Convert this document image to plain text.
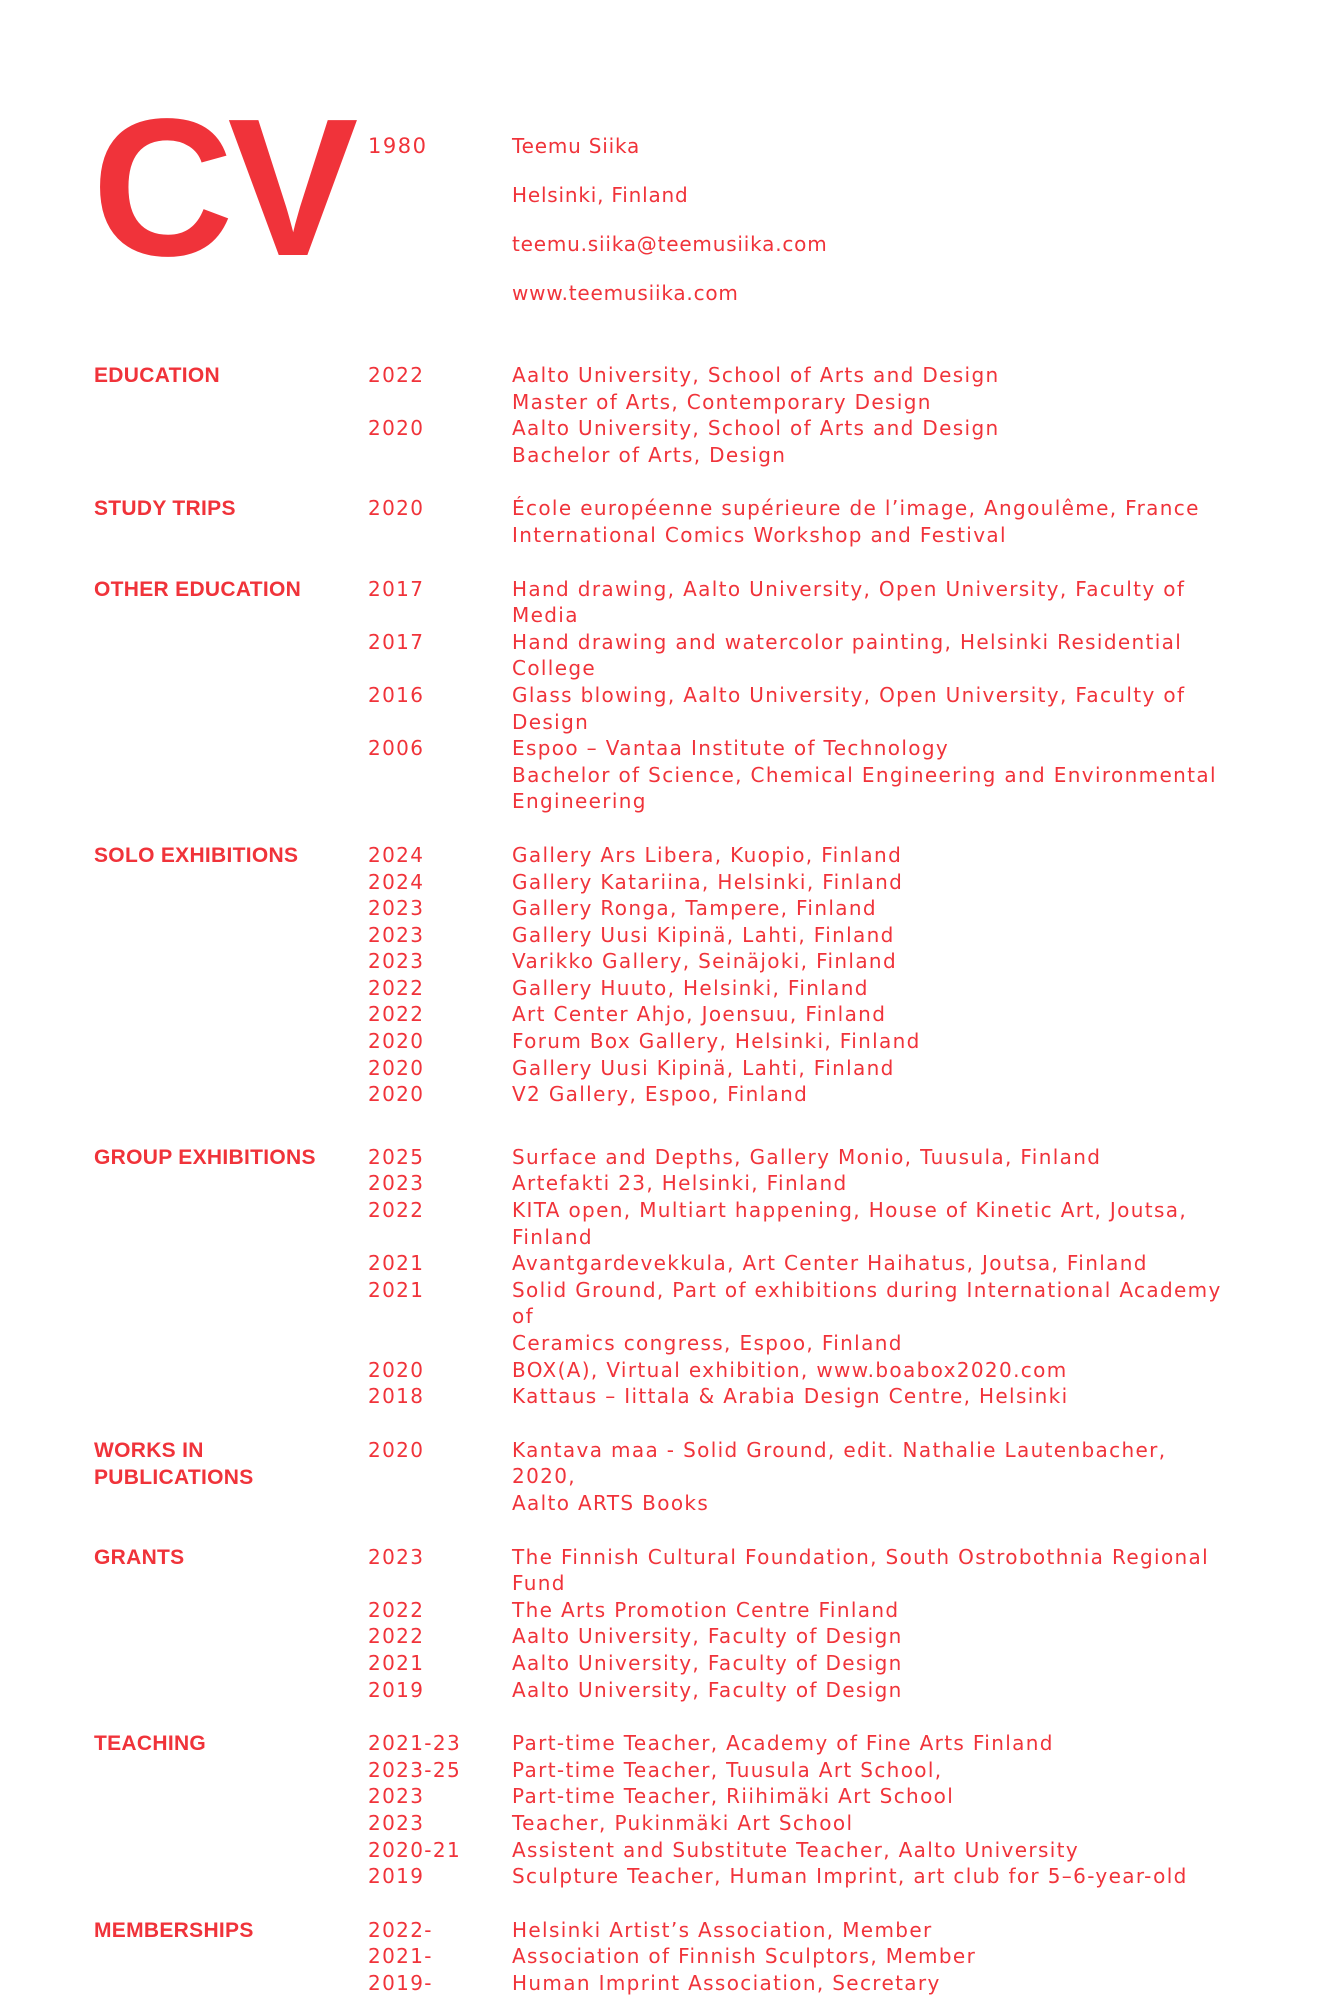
CV 1980	Teemu Siika
Helsinki, Finland
teemu.siika@teemusiika.com
www.teemusiika.com
EDUCATION	2022	Aalto University, School of Arts and Design
Master of Arts, Contemporary Design
2020	Aalto University, School of Arts and Design
Bachelor of Arts, Design
STUDY TRIPS	2020	École européenne supérieure de l’image, Angoulême, France
International Comics Workshop and Festival
OTHER EDUCATION	2017	Hand drawing, Aalto University, Open University, Faculty of Media
2017	Hand drawing and watercolor painting, Helsinki Residential College
2016	Glass blowing, Aalto University, Open University, Faculty of Design
2006	Espoo – Vantaa Institute of Technology
Bachelor of Science, Chemical Engineering and Environmental
Engineering
SOLO EXHIBITIONS	2024	Gallery Ars Libera, Kuopio, Finland
2024	Gallery Katariina, Helsinki, Finland
2023	Gallery Ronga, Tampere, Finland
2023	Gallery Uusi Kipinä, Lahti, Finland
2023	Varikko Gallery, Seinäjoki, Finland
2022	Gallery Huuto, Helsinki, Finland
2022	Art Center Ahjo, Joensuu, Finland
2020	Forum Box Gallery, Helsinki, Finland
2020	Gallery Uusi Kipinä, Lahti, Finland
2020	V2 Gallery, Espoo, Finland
GROUP EXHIBITIONS	2025	Surface and Depths, Gallery Monio, Tuusula, Finland
2023	Artefakti 23, Helsinki, Finland
2022	KITA open, Multiart happening, House of Kinetic Art, Joutsa, Finland
2021	Avantgardevekkula, Art Center Haihatus, Joutsa, Finland
2021	Solid Ground, Part of exhibitions during International Academy of
Ceramics congress, Espoo, Finland
2020	BOX(A), Virtual exhibition, www.boabox2020.com
2018	Kattaus – Iittala & Arabia Design Centre, Helsinki
WORKS IN PUBLICATIONS
2020	Kantava maa - Solid Ground, edit. Nathalie Lautenbacher, 2020,
Aalto ARTS Books
GRANTS	2023	The Finnish Cultural Foundation, South Ostrobothnia Regional Fund
2022	The Arts Promotion Centre Finland
2022	Aalto University, Faculty of Design
2021	Aalto University, Faculty of Design
2019	Aalto University, Faculty of Design
TEACHING	2021-23	Part-time Teacher, Academy of Fine Arts Finland
2023-25	Part-time Teacher, Tuusula Art School,
2023	Part-time Teacher, Riihimäki Art School
2023	Teacher, Pukinmäki Art School
2020-21	Assistent and Substitute Teacher, Aalto University
2019	Sculpture Teacher, Human Imprint, art club for 5–6-year-old
MEMBERSHIPS	2022-	Helsinki Artist’s Association, Member
2021-	Association of Finnish Sculptors, Member
2019-	Human Imprint Association, Secretary
